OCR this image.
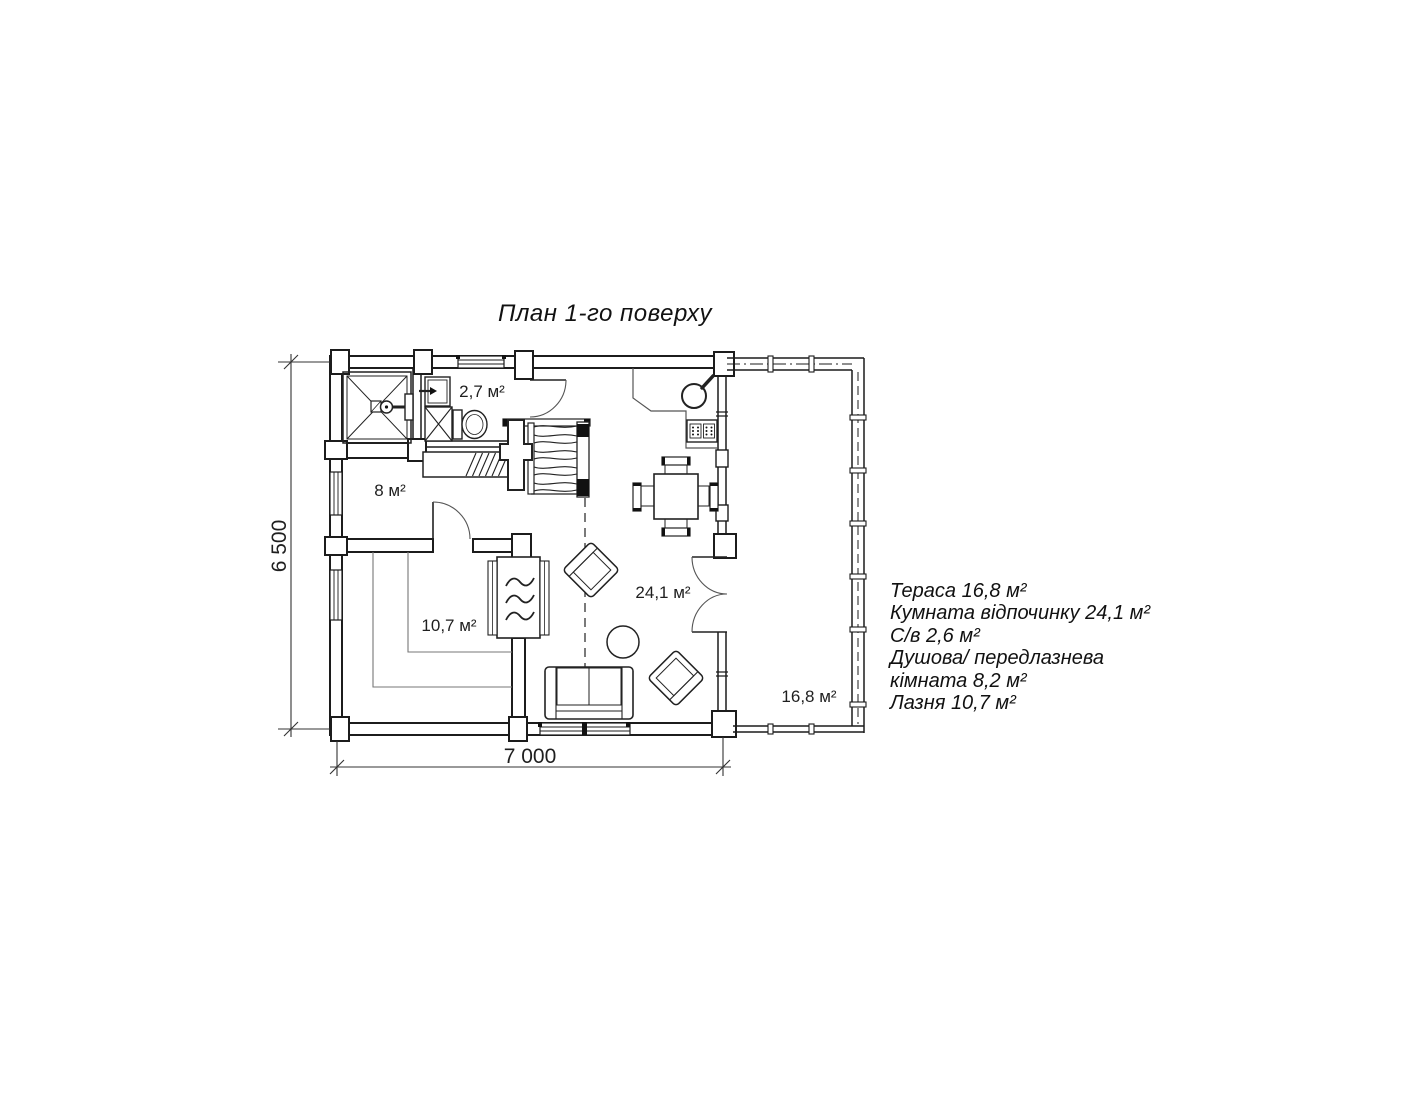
План 1-го поверху
2,7 м²
8 м²
10,7 м²
24,1 м²
16,8 м²
7 000
6 500
Тераса 16,8 м²
Кумната відпочинку 24,1 м²
С/в 2,6 м²
Душова/ передлазнева
кімната 8,2 м²
Лазня 10,7 м²
